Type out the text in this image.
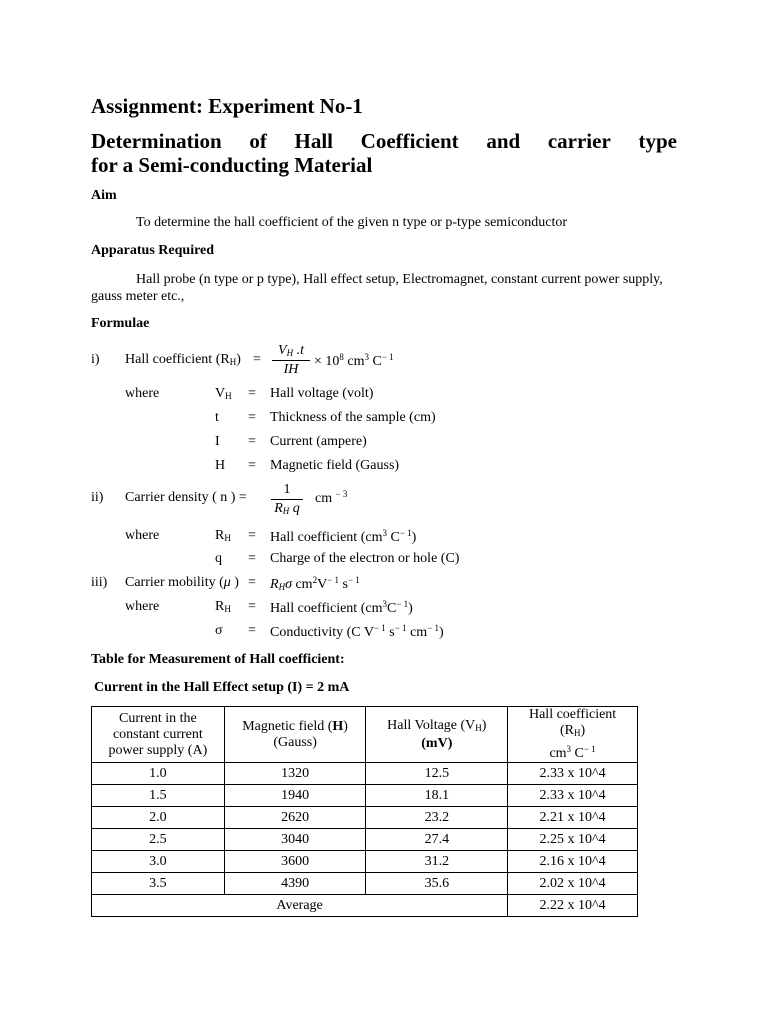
Assignment: Experiment No-1
Determination of Hall Coefficient and carrier type
for a Semi-conducting Material
Aim
To determine the hall coefficient of the given n type or p-type semiconductor
Apparatus Required
Hall probe (n type or p type), Hall effect setup, Electromagnet, constant current power supply,
gauss meter etc.,
Formulae
i) Hall coefficient $(R_H)$ =
$V_H$ .t
IH
× $10^8$ $cm^3$ $C^{- 1}$
where	$V_H$ = Hall voltage (volt)
t = Thickness of the sample (cm)
I = Current (ampere)
H = Magnetic field (Gauss)
ii) Carrier density ( n ) =
1
$R_H$ q
cm $^{- 3}$
where	$R_H$ = Hall coefficient ($cm^3$ $C^{- 1}$)
q = Charge of the electron or hole (C)
iii) Carrier mobility (μ ) = $R_H\sigma$ $cm^2V^{- 1}$ $s^{- 1}$
where	$R_H$ = Hall coefficient $(cm^3C^{- 1})$
σ = Conductivity (C $V^{- 1}$ $s^{- 1}$ $cm^{- 1}$)
Table for Measurement of Hall coefficient:
Current in the Hall Effect setup (I) = 2 mA
Current in the
constant current
power supply (A)	Magnetic field (H)
(Gauss)	Hall Voltage $(V_H)$
(mV)	Hall coefficient
$(R_H)$
$cm^3$ $C^{- 1}$
1.0	1320	12.5	2.33 x 10^4
1.5	1940	18.1	2.33 x 10^4
2.0	2620	23.2	2.21 x 10^4
2.5	3040	27.4	2.25 x 10^4
3.0	3600	31.2	2.16 x 10^4
3.5	4390	35.6	2.02 x 10^4
Average			2.22 x 10^4
